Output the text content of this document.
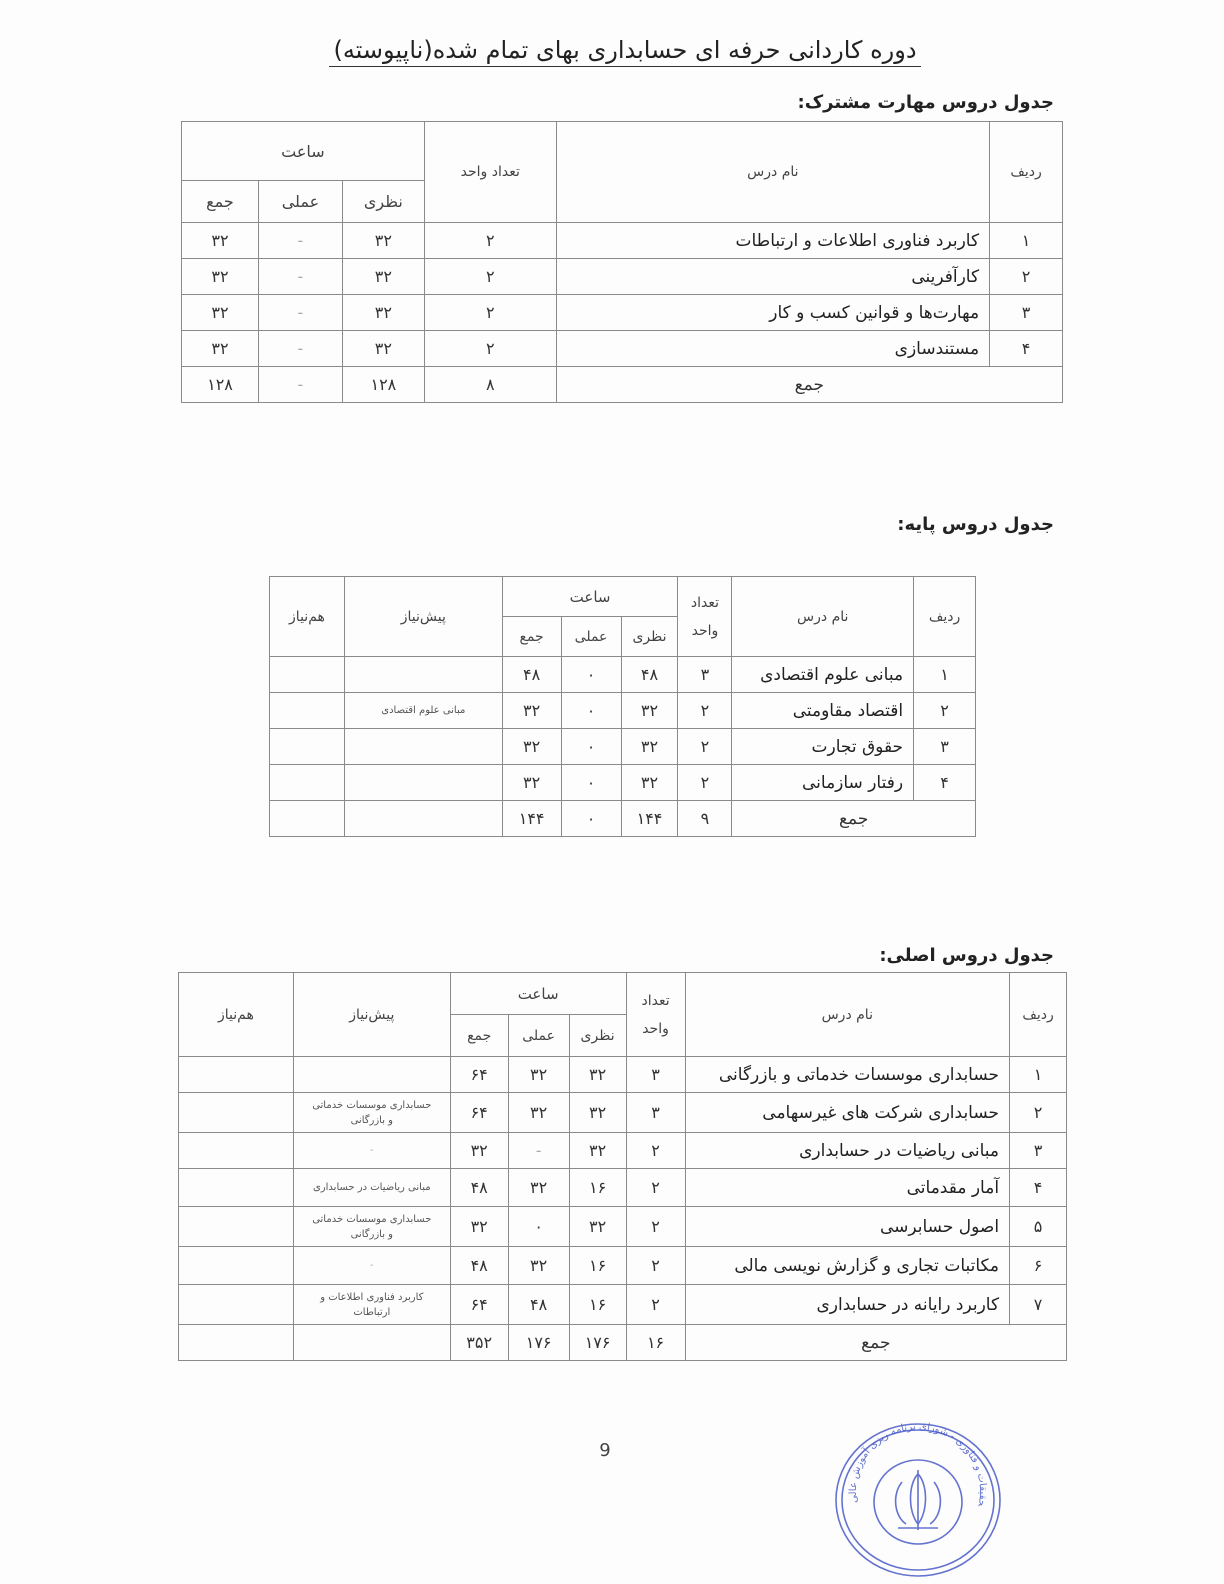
دوره کاردانی حرفه ای حسابداری بهای تمام شده(ناپیوسته)
جدول دروس مهارت مشترک:
ردیف	نام درس	تعداد واحد	ساعت		
			نظری	عملی	جمع
۱	کاربرد فناوری اطلاعات و ارتباطات	۲	۳۲	-	۳۲
۲	کارآفرینی	۲	۳۲	-	۳۲
۳	مهارت‌ها و قوانین کسب و کار	۲	۳۲	-	۳۲
۴	مستندسازی	۲	۳۲	-	۳۲
جمع		۸	۱۲۸	-	۱۲۸
جدول دروس پایه:
ردیف	نام درس	تعداد
واحد	ساعت			پیش‌نیاز	هم‌نیاز
			نظری	عملی	جمع		
۱	مبانی علوم اقتصادی	۳	۴۸	۰	۴۸		
۲	اقتصاد مقاومتی	۲	۳۲	۰	۳۲	مبانی علوم اقتصادی	
۳	حقوق تجارت	۲	۳۲	۰	۳۲		
۴	رفتار سازمانی	۲	۳۲	۰	۳۲		
جمع		۹	۱۴۴	۰	۱۴۴		
جدول دروس اصلی:
ردیف	نام درس	تعداد
واحد	ساعت			پیش‌نیاز	هم‌نیاز
			نظری	عملی	جمع		
۱	حسابداری موسسات خدماتی و بازرگانی	۳	۳۲	۳۲	۶۴	

۲	حسابداری شرکت های غیرسهامی	۳	۳۲	۳۲	۶۴	حسابداری موسسات خدماتی
و بازرگانی	

۳	مبانی ریاضیات در حسابداری	۲	۳۲	-	۳۲	-	

۴	آمار مقدماتی	۲	۱۶	۳۲	۴۸	مبانی ریاضیات در حسابداری	

۵	اصول حسابرسی	۲	۳۲	۰	۳۲	حسابداری موسسات خدماتی
و بازرگانی	

۶	مکاتبات تجاری و گزارش نویسی مالی	۲	۱۶	۳۲	۴۸	-	

۷	کاربرد رایانه در حسابداری	۲	۱۶	۴۸	۶۴	کاربرد فناوری اطلاعات و
ارتباطات	

جمع		۱۶	۱۷۶	۱۷۶	۳۵۲		
9
حقیقات و فناوری - شورای برنامه ریزی آموزش عالی
